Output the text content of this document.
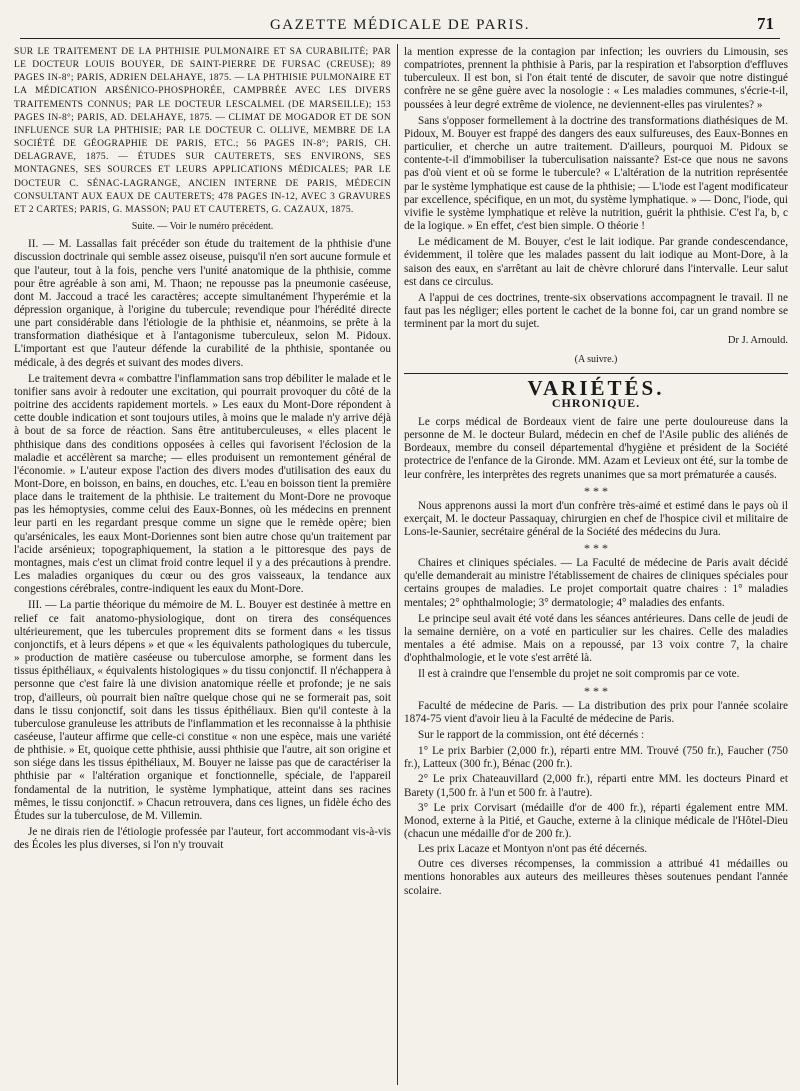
GAZETTE MÉDICALE DE PARIS.	71

SUR LE TRAITEMENT DE LA PHTHISIE PULMONAIRE ET SA CURABILITÉ; PAR LE DOCTEUR LOUIS BOUYER, DE SAINT-PIERRE DE FURSAC (CREUSE); 89 PAGES IN-8°; PARIS, ADRIEN DELAHAYE, 1875. — LA PHTHISIE PULMONAIRE ET LA MÉDICATION ARSÉNICO-PHOSPHORÉE, CAMPBRÉE AVEC LES DIVERS TRAITEMENTS CONNUS; PAR LE DOCTEUR LESCALMEL (DE MARSEILLE); 153 PAGES IN-8°; PARIS, AD. DELAHAYE, 1875. — CLIMAT DE MOGADOR ET DE SON INFLUENCE SUR LA PHTHISIE; PAR LE DOCTEUR C. OLLIVE, MEMBRE DE LA SOCIÉTÉ DE GÉOGRAPHIE DE PARIS, ETC.; 56 PAGES IN-8°; PARIS, CH. DELAGRAVE, 1875. — ÉTUDES SUR CAUTERETS, SES ENVIRONS, SES MONTAGNES, SES SOURCES ET LEURS APPLICATIONS MÉDICALES; PAR LE DOCTEUR C. SÉNAC-LAGRANGE, ANCIEN INTERNE DE PARIS, MÉDECIN CONSULTANT AUX EAUX DE CAUTERETS; 478 PAGES IN-12, AVEC 3 GRAVURES ET 2 CARTES; PARIS, G. MASSON; PAU ET CAUTERETS, G. CAZAUX, 1875.

Suite. — Voir le numéro précédent.

II. — M. Lassallas fait précéder son étude du traitement de la phthisie d'une discussion doctrinale qui semble assez oiseuse, puisqu'il n'en sort aucune formule et que l'auteur, tout à la fois, penche vers l'unité anatomique de la phthisie, comme pour être agréable à son ami, M. Thaon; ne repousse pas la pneumonie caséeuse, dont M. Jaccoud a tracé les caractères; accepte simultanément l'hyperémie et la dépression organique, à l'origine du tubercule; revendique pour l'hérédité directe une part considérable dans l'étiologie de la phthisie et, néanmoins, se prête à la transformation diathésique et à l'antagonisme tuberculeux, selon M. Pidoux. L'important est que l'auteur défende la curabilité de la phthisie, spontanée ou médicale, à des degrés et suivant des modes divers.

Le traitement devra « combattre l'inflammation sans trop débiliter le malade et le tonifier sans avoir à redouter une excitation, qui pourrait provoquer du côté de la poitrine des accidents rapidement mortels. » Les eaux du Mont-Dore répondent à cette double indication et sont toujours utiles, à moins que le malade n'y arrive déjà à bout de sa force de réaction. Sans être antituberculeuses, « elles placent le phthisique dans des conditions opposées à celles qui favorisent l'éclosion de la maladie et accélèrent sa marche; — elles produisent un remontement général de l'économie. » L'auteur expose l'action des divers modes d'utilisation des eaux du Mont-Dore, en boisson, en bains, en douches, etc. L'eau en boisson tient la première place dans le traitement de la phthisie. Le traitement du Mont-Dore ne provoque pas les hémoptysies, comme celui des Eaux-Bonnes, où les médecins en prennent leur parti en les regardant presque comme un signe que le remède opère; bien qu'arsénicales, les eaux Mont-Doriennes sont bien autre chose qu'un traitement par l'acide arsénieux; topographiquement, la station a le pittoresque des pays de montagnes, mais c'est un climat froid contre lequel il y a des précautions à prendre. Les maladies organiques du cœur ou des gros vaisseaux, la tendance aux congestions cérébrales, contre-indiquent les eaux du Mont-Dore.

III. — La partie théorique du mémoire de M. L. Bouyer est destinée à mettre en relief ce fait anatomo-physiologique, dont on tirera des conséquences ultérieurement, que les tubercules proprement dits se forment dans « les tissus conjonctifs, et à leurs dépens » et que « les équivalents pathologiques du tubercule, » production de matière caséeuse ou tuberculose amorphe, se forment dans les tissus épithéliaux, « équivalents histologiques » du tissu conjonctif. Il n'échappera à personne que c'est faire là une division anatomique réelle et profonde; je ne sais trop, d'ailleurs, où pourrait bien naître quelque chose qui ne se formerait pas, soit dans le tissu conjonctif, soit dans les tissus épithéliaux. Bien qu'il conteste à la tuberculose granuleuse les attributs de l'inflammation et les reconnaisse à la phthisie caséeuse, l'auteur affirme que celle-ci constitue « non une espèce, mais une variété de phthisie. » Et, quoique cette phthisie, aussi phthisie que l'autre, ait son origine et son siége dans les tissus épithéliaux, M. Bouyer ne laisse pas que de caractériser la phthisie par « l'altération organique et fonctionnelle, spéciale, de l'appareil fondamental de la nutrition, le système lymphatique, atteint dans ses racines mêmes, le tissu conjonctif. » Chacun retrouvera, dans ces lignes, un fidèle écho des Études sur la tuberculose, de M. Villemin.

Je ne dirais rien de l'étiologie professée par l'auteur, fort accommodant vis-à-vis des Écoles les plus diverses, si l'on n'y trouvait

la mention expresse de la contagion par infection; les ouvriers du Limousin, ses compatriotes, prennent la phthisie à Paris, par la respiration et l'absorption d'effluves tuberculeux. Il est bon, si l'on était tenté de discuter, de savoir que notre distingué confrère ne se gêne guère avec la nosologie : « Les maladies communes, s'écrie-t-il, poussées à leur degré extrême de violence, ne deviennent-elles pas virulentes? »

Sans s'opposer formellement à la doctrine des transformations diathésiques de M. Pidoux, M. Bouyer est frappé des dangers des eaux sulfureuses, des Eaux-Bonnes en particulier, et cherche un autre traitement. D'ailleurs, pourquoi M. Pidoux se contente-t-il d'immobiliser la tuberculisation naissante? Est-ce que nous ne savons pas d'où vient et où se forme le tubercule? « L'altération de la nutrition représentée par le système lymphatique est cause de la phthisie; — L'iode est l'agent modificateur par excellence, spécifique, en un mot, du système lymphatique. » — Donc, l'iode, qui vivifie le système lymphatique et relève la nutrition, guérit la phthisie. C'est l'a, b, c de la logique. » En effet, c'est bien simple. O théorie !

Le médicament de M. Bouyer, c'est le lait iodique. Par grande condescendance, évidemment, il tolère que les malades passent du lait iodique au Mont-Dore, à la saison des eaux, en s'arrêtant au lait de chèvre chloruré dans l'intervalle. Leur salut est dans ce circulus.

A l'appui de ces doctrines, trente-six observations accompagnent le travail. Il ne faut pas les négliger; elles portent le cachet de la bonne foi, car un grand nombre se terminent par la mort du sujet.

Dr J. Arnould.

(A suivre.)

VARIÉTÉS.
CHRONIQUE.

Le corps médical de Bordeaux vient de faire une perte douloureuse dans la personne de M. le docteur Bulard, médecin en chef de l'Asile public des aliénés de Bordeaux, membre du conseil départemental d'hygiène et président de la Société protectrice de l'enfance de la Gironde. MM. Azam et Levieux ont été, sur la tombe de leur confrère, les interprètes des regrets unanimes que sa mort prématurée a causés.

* * *

Nous apprenons aussi la mort d'un confrère très-aimé et estimé dans le pays où il exerçait, M. le docteur Passaquay, chirurgien en chef de l'hospice civil et militaire de Lons-le-Saunier, secrétaire général de la Société des médecins du Jura.

* * *

Chaires et cliniques spéciales. — La Faculté de médecine de Paris avait décidé qu'elle demanderait au ministre l'établissement de chaires de cliniques spéciales pour certains groupes de maladies. Le projet comportait quatre chaires : 1° maladies mentales; 2° ophthalmologie; 3° dermatologie; 4° maladies des enfants.

Le principe seul avait été voté dans les séances antérieures. Dans celle de jeudi de la semaine dernière, on a voté en particulier sur les chaires. Celle des maladies mentales a été admise. Mais on a repoussé, par 13 voix contre 7, la chaire d'ophthalmologie, et le vote s'est arrêté là.

Il est à craindre que l'ensemble du projet ne soit compromis par ce vote.

* * *

Faculté de médecine de Paris. — La distribution des prix pour l'année scolaire 1874-75 vient d'avoir lieu à la Faculté de médecine de Paris.

Sur le rapport de la commission, ont été décernés :

1° Le prix Barbier (2,000 fr.), réparti entre MM. Trouvé (750 fr.), Faucher (750 fr.), Latteux (300 fr.), Bénac (200 fr.).

2° Le prix Chateauvillard (2,000 fr.), réparti entre MM. les docteurs Pinard et Barety (1,500 fr. à l'un et 500 fr. à l'autre).

3° Le prix Corvisart (médaille d'or de 400 fr.), réparti également entre MM. Monod, externe à la Pitié, et Gauche, externe à la clinique médicale de l'Hôtel-Dieu (chacun une médaille d'or de 200 fr.).

Les prix Lacaze et Montyon n'ont pas été décernés.

Outre ces diverses récompenses, la commission a attribué 41 médailles ou mentions honorables aux auteurs des meilleures thèses soutenues pendant l'année scolaire.
